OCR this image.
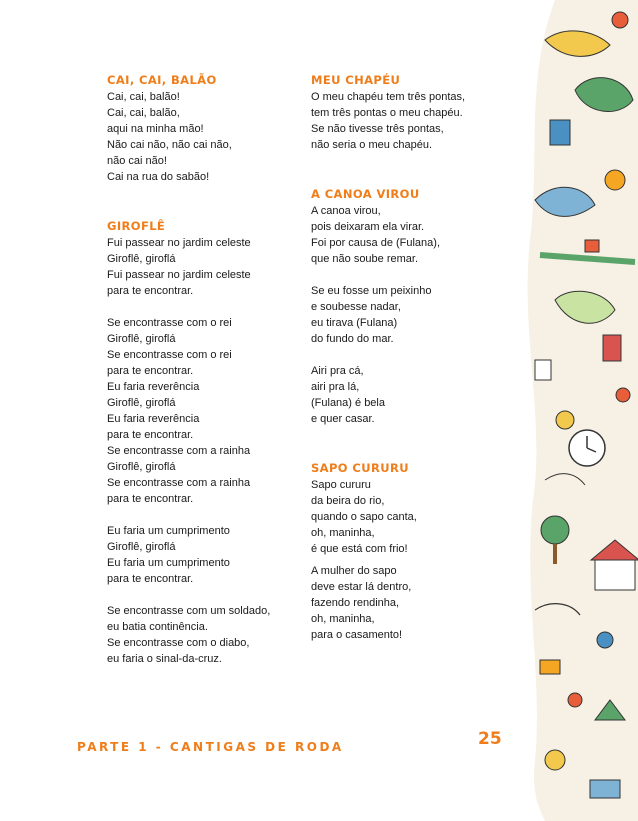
CAI, CAI, BALÃO
Cai, cai, balão!
Cai, cai, balão,
aqui na minha mão!
Não cai não, não cai não,
não cai não!
Cai na rua do sabão!
GIROFLÊ
Fui passear no jardim celeste
Giroflê, giroflá
Fui passear no jardim celeste
para te encontrar.
Se encontrasse com o rei
Giroflê, giroflá
Se encontrasse com o rei
para te encontrar.
Eu faria reverência
Giroflê, giroflá
Eu faria reverência
para te encontrar.
Se encontrasse com a rainha
Giroflê, giroflá
Se encontrasse com a rainha
para te encontrar.
Eu faria um cumprimento
Giroflê, giroflá
Eu faria um cumprimento
para te encontrar.
Se encontrasse com um soldado,
eu batia continência.
Se encontrasse com o diabo,
eu faria o sinal-da-cruz.
MEU CHAPÉU
O meu chapéu tem três pontas,
tem três pontas o meu chapéu.
Se não tivesse três pontas,
não seria o meu chapéu.
A CANOA VIROU
A canoa virou,
pois deixaram ela virar.
Foi por causa de (Fulana),
que não soube remar.
Se eu fosse um peixinho
e soubesse nadar,
eu tirava (Fulana)
do fundo do mar.
Airi pra cá,
airi pra lá,
(Fulana) é bela
e quer casar.
SAPO CURURU
Sapo cururu
da beira do rio,
quando o sapo canta,
oh, maninha,
é que está com frio!
A mulher do sapo
deve estar lá dentro,
fazendo rendinha,
oh, maninha,
para o casamento!
PARTE 1 - CANTIGAS DE RODA	25
